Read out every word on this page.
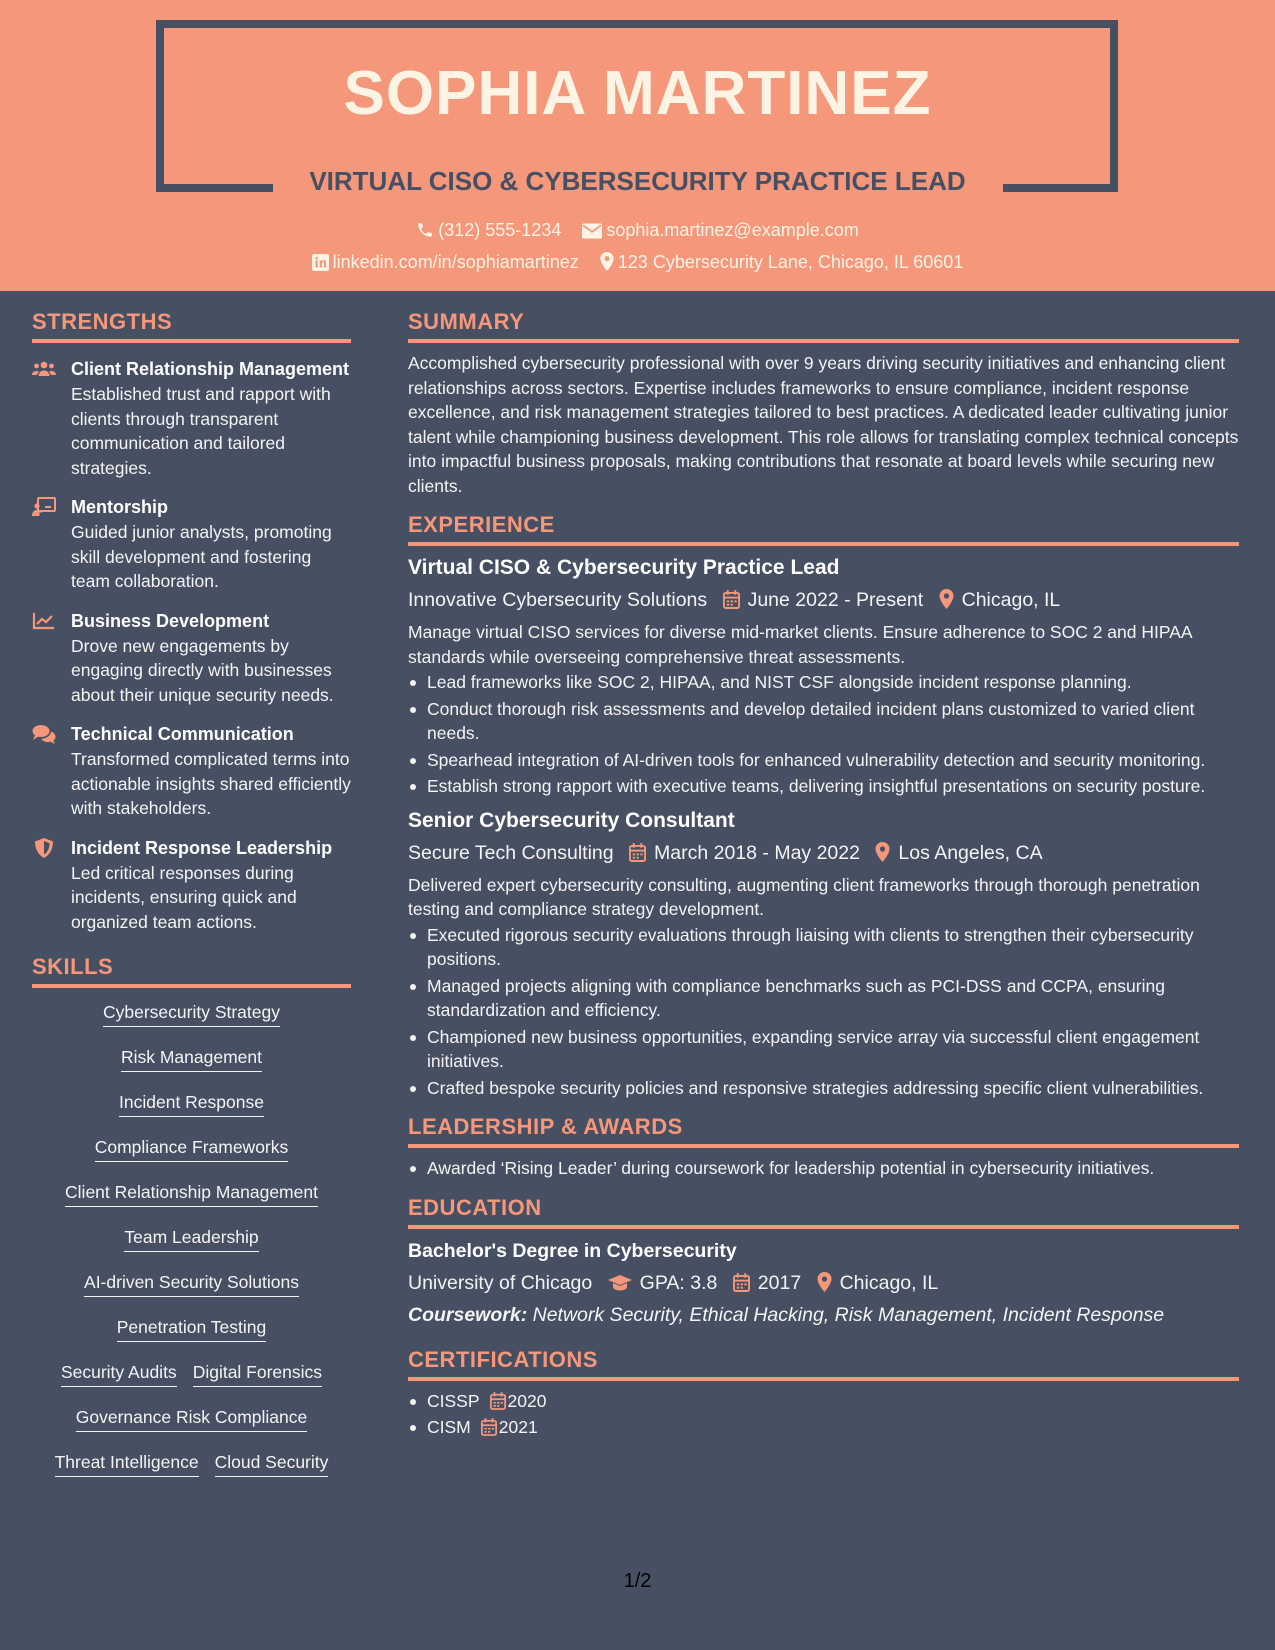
SOPHIA MARTINEZ
VIRTUAL CISO & CYBERSECURITY PRACTICE LEAD
(312) 555-1234	sophia.martinez@example.com
linkedin.com/in/sophiamartinez 123 Cybersecurity Lane, Chicago, IL 60601
STRENGTHS
Client Relationship Management
Established trust and rapport with clients through transparent communication and tailored strategies.
Mentorship
Guided junior analysts, promoting skill development and fostering team collaboration.
Business Development
Drove new engagements by engaging directly with businesses about their unique security needs.
Technical Communication
Transformed complicated terms into actionable insights shared efficiently with stakeholders.
Incident Response Leadership
Led critical responses during incidents, ensuring quick and organized team actions.
SKILLS
Cybersecurity Strategy
Risk Management
Incident Response
Compliance Frameworks
Client Relationship Management
Team Leadership
AI-driven Security Solutions
Penetration Testing
Security Audits Digital Forensics
Governance Risk Compliance
Threat Intelligence Cloud Security
SUMMARY
Accomplished cybersecurity professional with over 9 years driving security initiatives and enhancing client relationships across sectors. Expertise includes frameworks to ensure compliance, incident response excellence, and risk management strategies tailored to best practices. A dedicated leader cultivating junior talent while championing business development. This role allows for translating complex technical concepts into impactful business proposals, making contributions that resonate at board levels while securing new clients.
EXPERIENCE
Virtual CISO & Cybersecurity Practice Lead
Innovative Cybersecurity Solutions June 2022 - Present Chicago, IL
Manage virtual CISO services for diverse mid-market clients. Ensure adherence to SOC 2 and HIPAA standards while overseeing comprehensive threat assessments.
Lead frameworks like SOC 2, HIPAA, and NIST CSF alongside incident response planning.
Conduct thorough risk assessments and develop detailed incident plans customized to varied client needs.
Spearhead integration of AI-driven tools for enhanced vulnerability detection and security monitoring.
Establish strong rapport with executive teams, delivering insightful presentations on security posture.
Senior Cybersecurity Consultant
Secure Tech Consulting March 2018 - May 2022 Los Angeles, CA
Delivered expert cybersecurity consulting, augmenting client frameworks through thorough penetration testing and compliance strategy development.
Executed rigorous security evaluations through liaising with clients to strengthen their cybersecurity positions.
Managed projects aligning with compliance benchmarks such as PCI-DSS and CCPA, ensuring standardization and efficiency.
Championed new business opportunities, expanding service array via successful client engagement initiatives.
Crafted bespoke security policies and responsive strategies addressing specific client vulnerabilities.
LEADERSHIP & AWARDS
Awarded ‘Rising Leader’ during coursework for leadership potential in cybersecurity initiatives.
EDUCATION
Bachelor's Degree in Cybersecurity
University of Chicago GPA: 3.8 2017 Chicago, IL
Coursework: Network Security, Ethical Hacking, Risk Management, Incident Response
CERTIFICATIONS
CISSP 2020
CISM 2021
1/2
